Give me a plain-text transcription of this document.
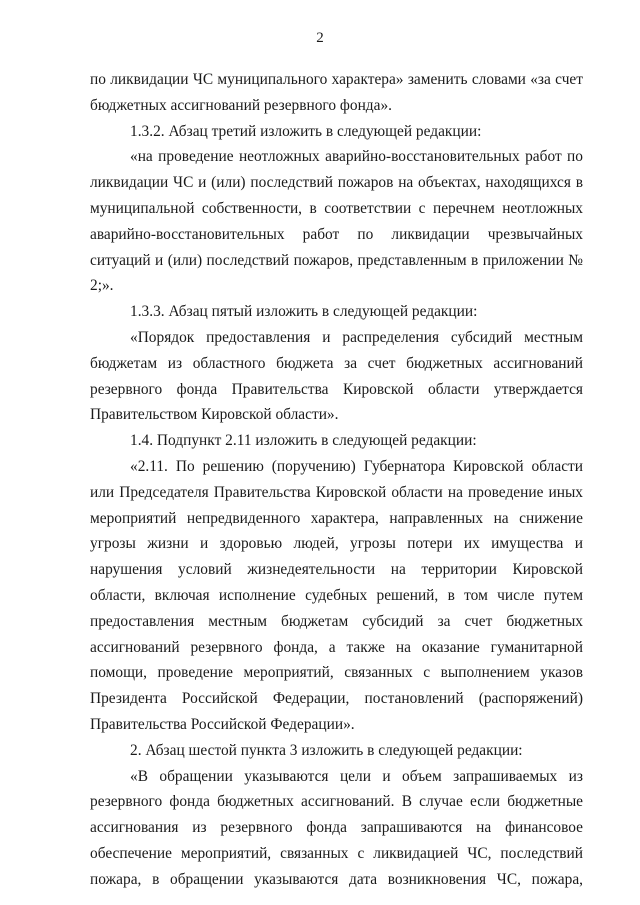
2

по ликвидации ЧС муниципального характера» заменить словами «за счет бюджетных ассигнований резервного фонда».

1.3.2. Абзац третий изложить в следующей редакции:

«на проведение неотложных аварийно-восстановительных работ по ликвидации ЧС и (или) последствий пожаров на объектах, находящихся в муниципальной собственности, в соответствии с перечнем неотложных аварийно-восстановительных работ по ликвидации чрезвычайных ситуаций и (или) последствий пожаров, представленным в приложении № 2;».

1.3.3. Абзац пятый изложить в следующей редакции:

«Порядок предоставления и распределения субсидий местным бюджетам из областного бюджета за счет бюджетных ассигнований резервного фонда Правительства Кировской области утверждается Правительством Кировской области».

1.4. Подпункт 2.11 изложить в следующей редакции:

«2.11. По решению (поручению) Губернатора Кировской области или Председателя Правительства Кировской области на проведение иных мероприятий непредвиденного характера, направленных на снижение угрозы жизни и здоровью людей, угрозы потери их имущества и нарушения условий жизнедеятельности на территории Кировской области, включая исполнение судебных решений, в том числе путем предоставления местным бюджетам субсидий за счет бюджетных ассигнований резервного фонда, а также на оказание гуманитарной помощи, проведение мероприятий, связанных с выполнением указов Президента Российской Федерации, постановлений (распоряжений) Правительства Российской Федерации».

2. Абзац шестой пункта 3 изложить в следующей редакции:

«В обращении указываются цели и объем запрашиваемых из резервного фонда бюджетных ассигнований. В случае если бюджетные ассигнования из резервного фонда запрашиваются на финансовое обеспечение мероприятий, связанных с ликвидацией ЧС, последствий пожара, в обращении указываются дата возникновения ЧС, пожара,
